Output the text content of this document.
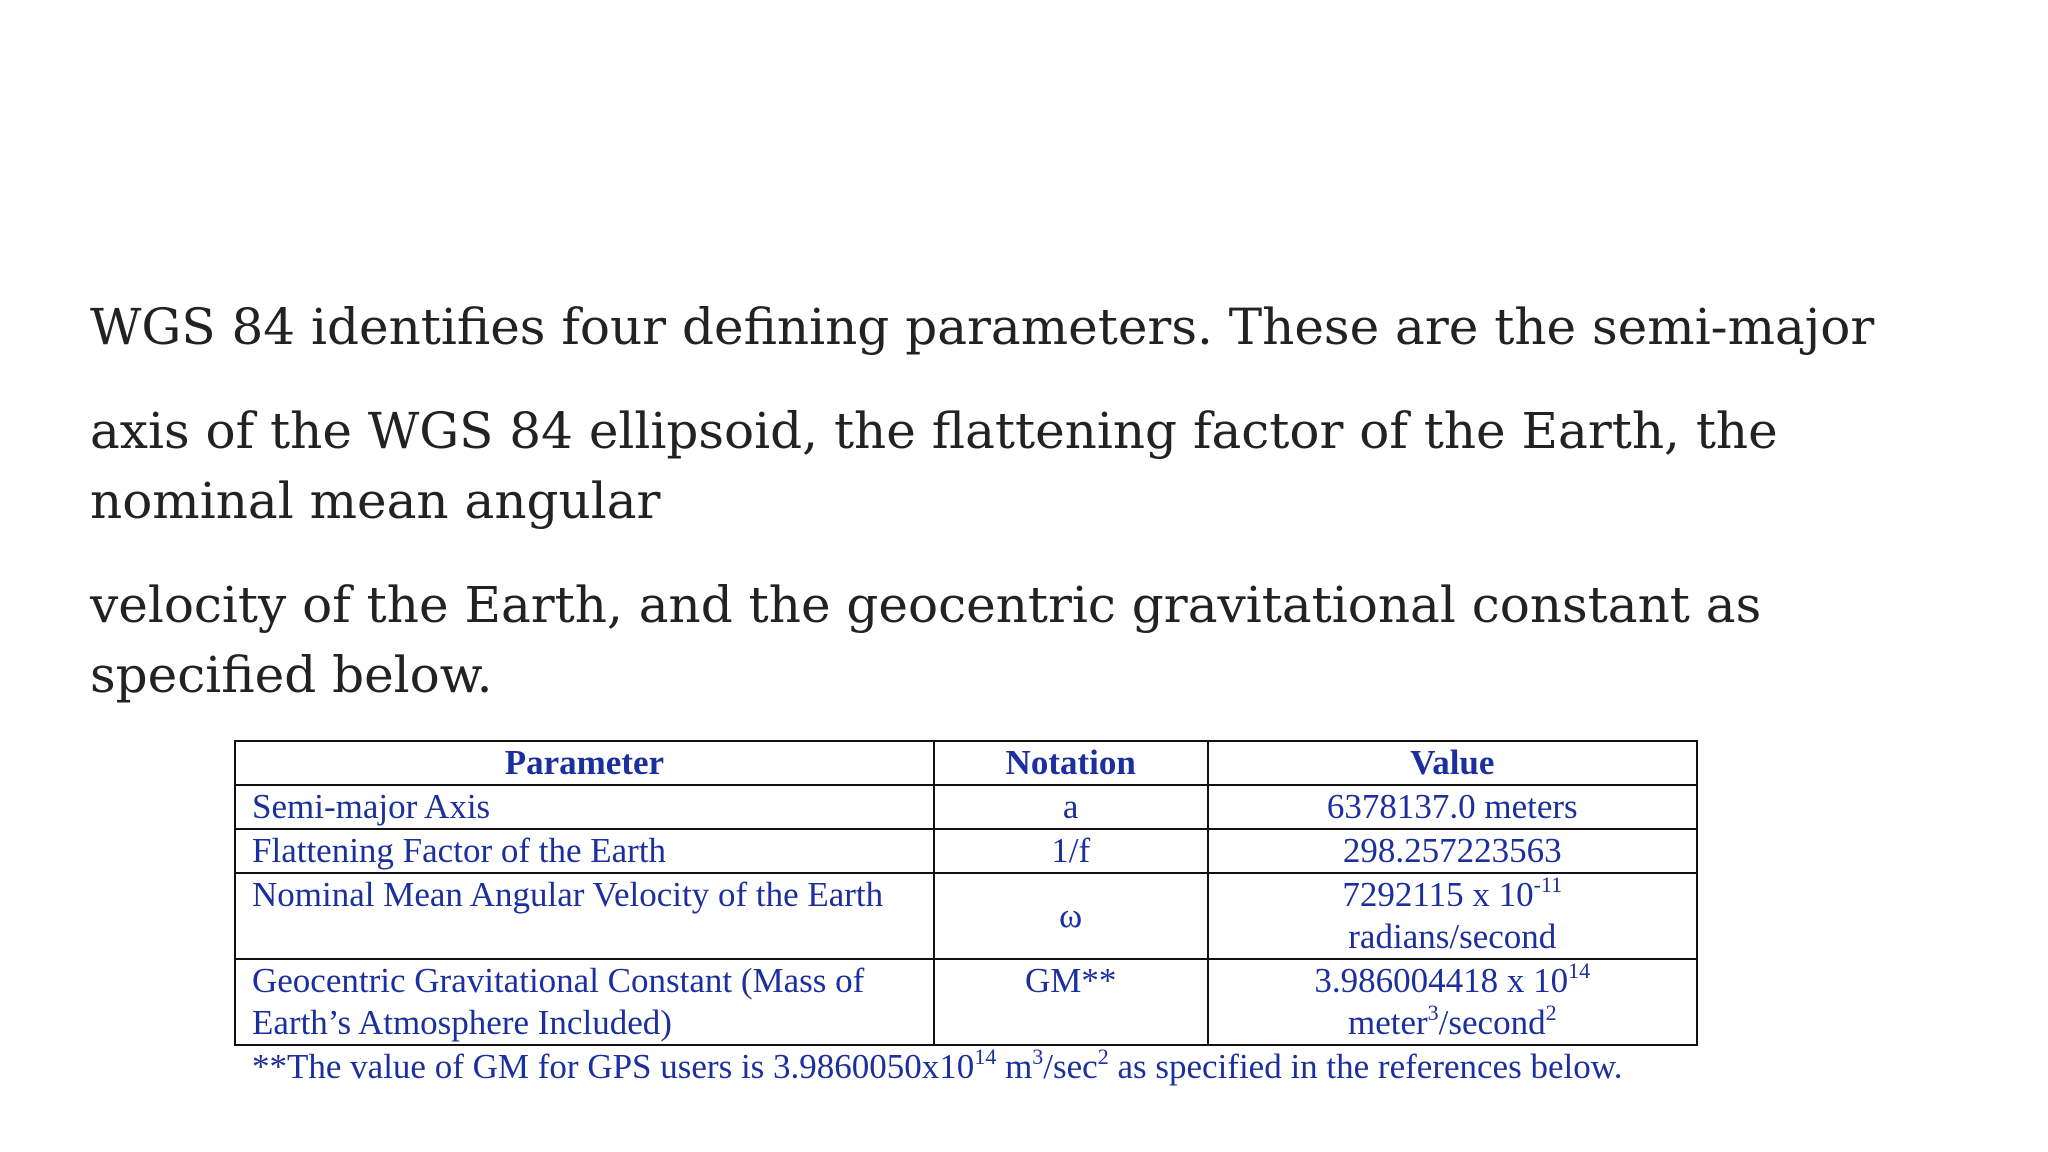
WGS 84 identifies four defining parameters. These are the semi-major

axis of the WGS 84 ellipsoid, the flattening factor of the Earth, the nominal mean angular

velocity of the Earth, and the geocentric gravitational constant as specified below.

Parameter	Notation	Value
Semi-major Axis	a	6378137.0 meters
Flattening Factor of the Earth	1/f	298.257223563
Nominal Mean Angular Velocity of the Earth	ω	7292115 x $10^{-11}$
radians/second
Geocentric Gravitational Constant (Mass of Earth’s Atmosphere Included)	GM**	3.986004418 x $10^{14}$
meter$^3$/second$^2$
**The value of GM for GPS users is $3.9860050x10^{14}$ $m^3/\sec^2$ as specified in the references below.
